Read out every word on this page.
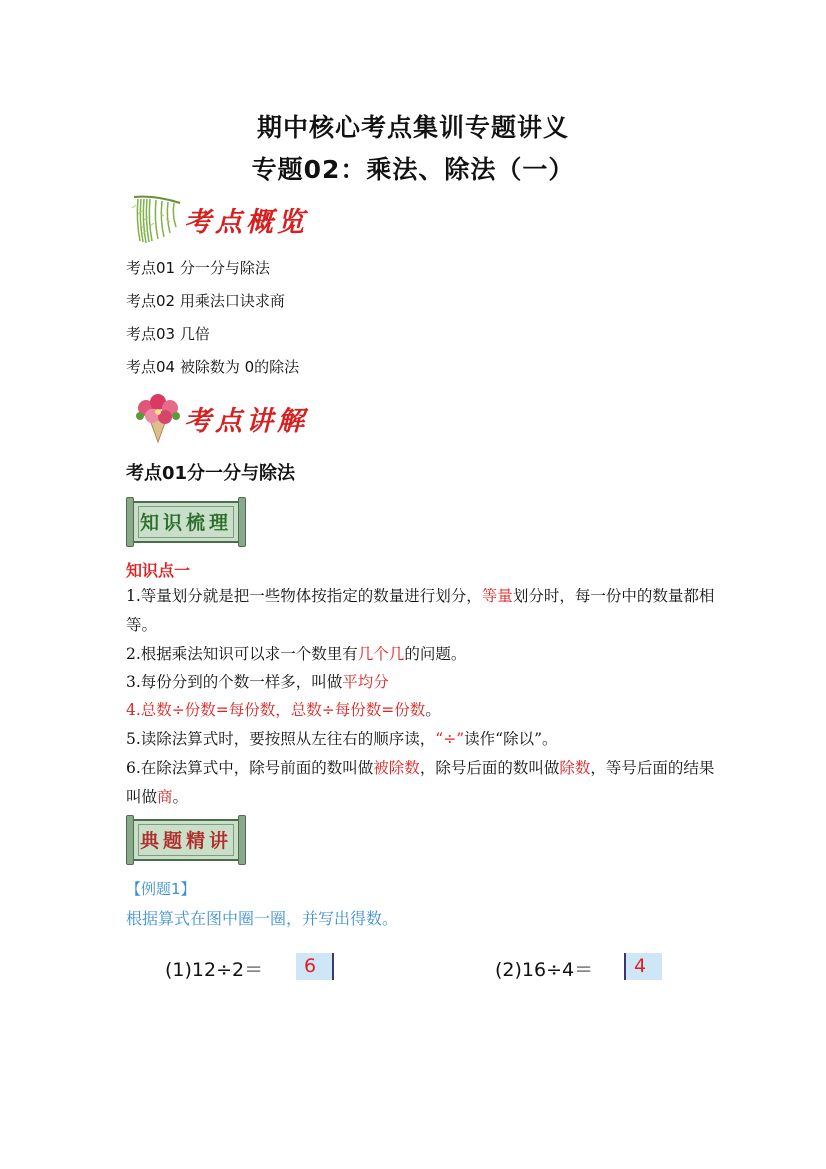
期中核心考点集训专题讲义
专题02：乘法、除法（一）
考点概览
考点01 分一分与除法
考点02 用乘法口诀求商
考点03 几倍
考点04 被除数为 0的除法
考点讲解
考点01分一分与除法
知识梳理
知识点一
1.等量划分就是把一些物体按指定的数量进行划分，等量划分时，每一份中的数量都相等。
2.根据乘法知识可以求一个数里有几个几的问题。
3.每份分到的个数一样多，叫做平均分
4.总数÷份数=每份数，总数÷每份数=份数。
5.读除法算式时，要按照从左往右的顺序读，“÷”读作“除以”。
6.在除法算式中，除号前面的数叫做被除数，除号后面的数叫做除数，等号后面的结果叫做商。
典题精讲
【例题1】
根据算式在图中圈一圈，并写出得数。
(1)12÷2＝	6	(2)16÷4＝	4
